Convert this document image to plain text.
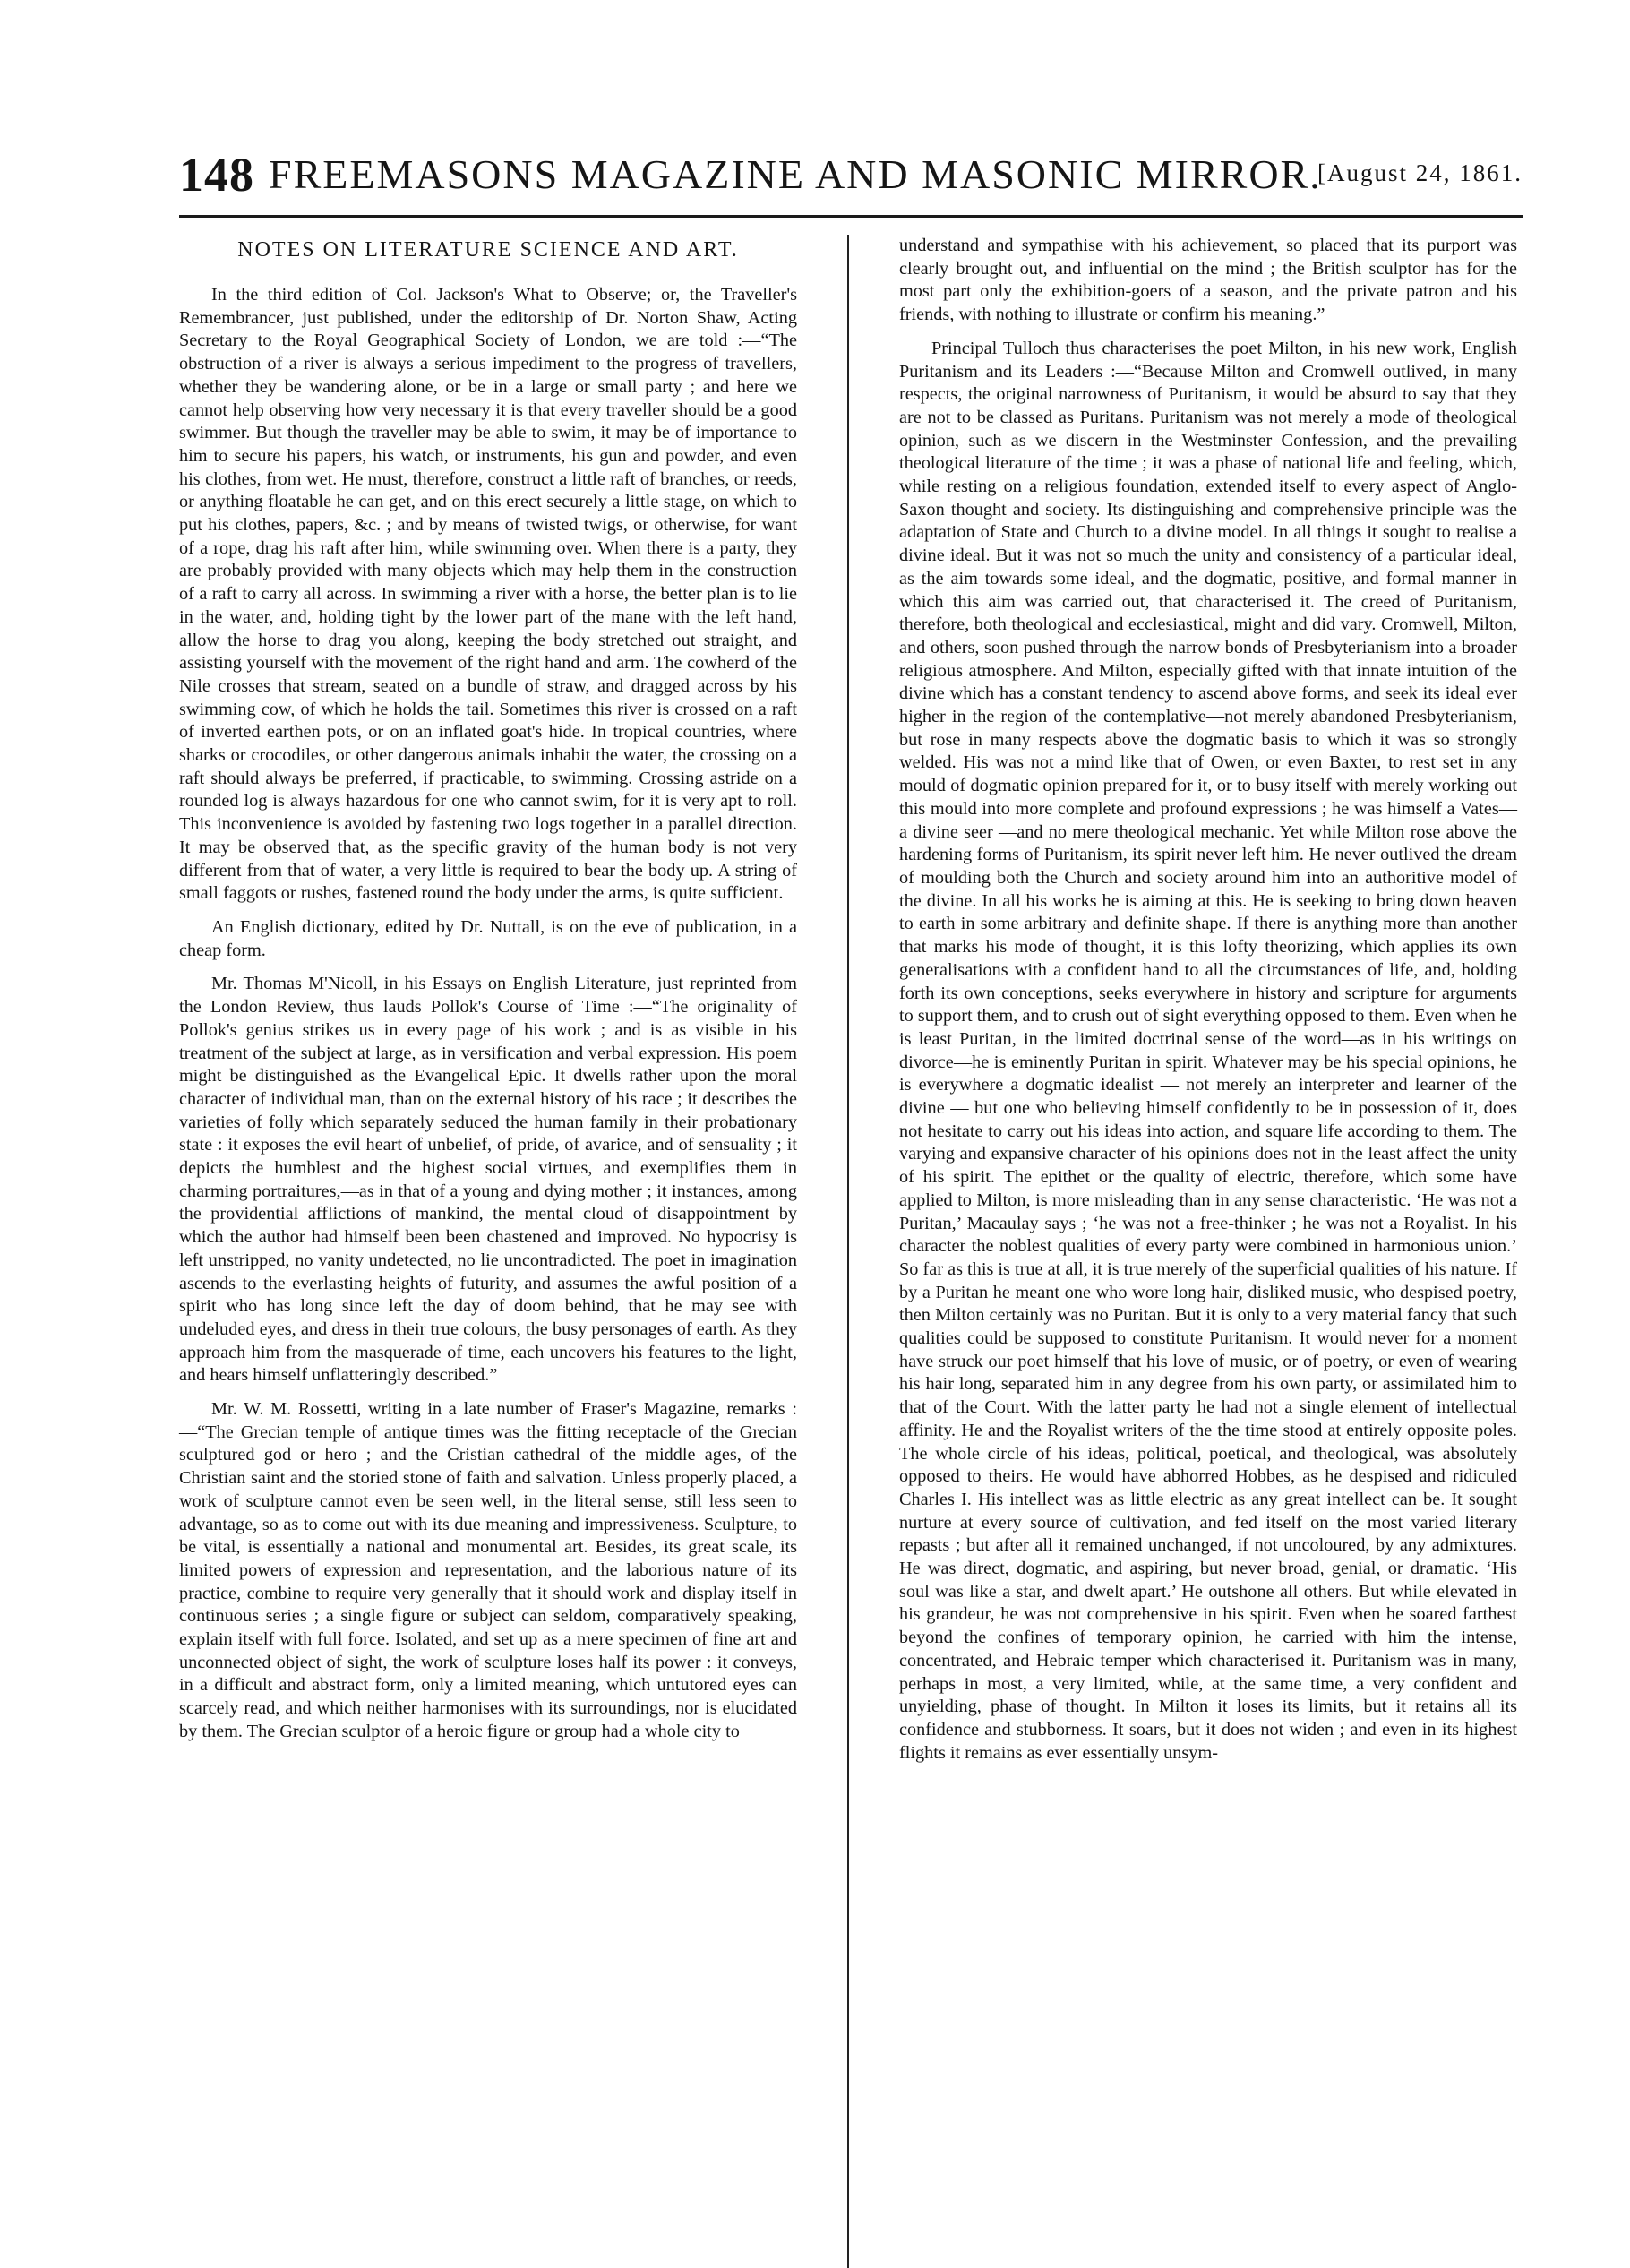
148 FREEMASONS MAGAZINE AND MASONIC MIRROR.
[August 24, 1861.
NOTES ON LITERATURE SCIENCE AND ART.

In the third edition of Col. Jackson's What to Observe; or, the Traveller's Remembrancer, just published, under the editorship of Dr. Norton Shaw, Acting Secretary to the Royal Geographical Society of London, we are told :—“The obstruction of a river is always a serious impediment to the progress of travellers, whether they be wandering alone, or be in a large or small party ; and here we cannot help observing how very necessary it is that every traveller should be a good swimmer. But though the traveller may be able to swim, it may be of importance to him to secure his papers, his watch, or instruments, his gun and powder, and even his clothes, from wet. He must, therefore, construct a little raft of branches, or reeds, or anything floatable he can get, and on this erect securely a little stage, on which to put his clothes, papers, &c. ; and by means of twisted twigs, or otherwise, for want of a rope, drag his raft after him, while swimming over. When there is a party, they are probably provided with many objects which may help them in the construction of a raft to carry all across. In swimming a river with a horse, the better plan is to lie in the water, and, holding tight by the lower part of the mane with the left hand, allow the horse to drag you along, keeping the body stretched out straight, and assisting yourself with the movement of the right hand and arm. The cowherd of the Nile crosses that stream, seated on a bundle of straw, and dragged across by his swimming cow, of which he holds the tail. Sometimes this river is crossed on a raft of inverted earthen pots, or on an inflated goat's hide. In tropical countries, where sharks or crocodiles, or other dangerous animals inhabit the water, the crossing on a raft should always be preferred, if practicable, to swimming. Crossing astride on a rounded log is always hazardous for one who cannot swim, for it is very apt to roll. This inconvenience is avoided by fastening two logs together in a parallel direction. It may be observed that, as the specific gravity of the human body is not very different from that of water, a very little is required to bear the body up. A string of small faggots or rushes, fastened round the body under the arms, is quite sufficient.

An English dictionary, edited by Dr. Nuttall, is on the eve of publication, in a cheap form.

Mr. Thomas M'Nicoll, in his Essays on English Literature, just reprinted from the London Review, thus lauds Pollok's Course of Time :—“The originality of Pollok's genius strikes us in every page of his work ; and is as visible in his treatment of the subject at large, as in versification and verbal expression. His poem might be distinguished as the Evangelical Epic. It dwells rather upon the moral character of individual man, than on the external history of his race ; it describes the varieties of folly which separately seduced the human family in their probationary state : it exposes the evil heart of unbelief, of pride, of avarice, and of sensuality ; it depicts the humblest and the highest social virtues, and exemplifies them in charming portraitures,—as in that of a young and dying mother ; it instances, among the providential afflictions of mankind, the mental cloud of disappointment by which the author had himself been been chastened and improved. No hypocrisy is left unstripped, no vanity undetected, no lie uncontradicted. The poet in imagination ascends to the everlasting heights of futurity, and assumes the awful position of a spirit who has long since left the day of doom behind, that he may see with undeluded eyes, and dress in their true colours, the busy personages of earth. As they approach him from the masquerade of time, each uncovers his features to the light, and hears himself unflatteringly described.”

Mr. W. M. Rossetti, writing in a late number of Fraser's Magazine, remarks :—“The Grecian temple of antique times was the fitting receptacle of the Grecian sculptured god or hero ; and the Cristian cathedral of the middle ages, of the Christian saint and the storied stone of faith and salvation. Unless properly placed, a work of sculpture cannot even be seen well, in the literal sense, still less seen to advantage, so as to come out with its due meaning and impressiveness. Sculpture, to be vital, is essentially a national and monumental art. Besides, its great scale, its limited powers of expression and representation, and the laborious nature of its practice, combine to require very generally that it should work and display itself in continuous series ; a single figure or subject can seldom, comparatively speaking, explain itself with full force. Isolated, and set up as a mere specimen of fine art and unconnected object of sight, the work of sculpture loses half its power : it conveys, in a difficult and abstract form, only a limited meaning, which untutored eyes can scarcely read, and which neither harmonises with its surroundings, nor is elucidated by them. The Grecian sculptor of a heroic figure or group had a whole city to

understand and sympathise with his achievement, so placed that its purport was clearly brought out, and influential on the mind ; the British sculptor has for the most part only the exhibition-goers of a season, and the private patron and his friends, with nothing to illustrate or confirm his meaning.”

Principal Tulloch thus characterises the poet Milton, in his new work, English Puritanism and its Leaders :—“Because Milton and Cromwell outlived, in many respects, the original narrowness of Puritanism, it would be absurd to say that they are not to be classed as Puritans. Puritanism was not merely a mode of theological opinion, such as we discern in the Westminster Confession, and the prevailing theological literature of the time ; it was a phase of national life and feeling, which, while resting on a religious foundation, extended itself to every aspect of Anglo-Saxon thought and society. Its distinguishing and comprehensive principle was the adaptation of State and Church to a divine model. In all things it sought to realise a divine ideal. But it was not so much the unity and consistency of a particular ideal, as the aim towards some ideal, and the dogmatic, positive, and formal manner in which this aim was carried out, that characterised it. The creed of Puritanism, therefore, both theological and ecclesiastical, might and did vary. Cromwell, Milton, and others, soon pushed through the narrow bonds of Presbyterianism into a broader religious atmosphere. And Milton, especially gifted with that innate intuition of the divine which has a constant tendency to ascend above forms, and seek its ideal ever higher in the region of the contemplative—not merely abandoned Presbyterianism, but rose in many respects above the dogmatic basis to which it was so strongly welded. His was not a mind like that of Owen, or even Baxter, to rest set in any mould of dogmatic opinion prepared for it, or to busy itself with merely working out this mould into more complete and profound expressions ; he was himself a Vates—a divine seer —and no mere theological mechanic. Yet while Milton rose above the hardening forms of Puritanism, its spirit never left him. He never outlived the dream of moulding both the Church and society around him into an authoritive model of the divine. In all his works he is aiming at this. He is seeking to bring down heaven to earth in some arbitrary and definite shape. If there is anything more than another that marks his mode of thought, it is this lofty theorizing, which applies its own generalisations with a confident hand to all the circumstances of life, and, holding forth its own conceptions, seeks everywhere in history and scripture for arguments to support them, and to crush out of sight everything opposed to them. Even when he is least Puritan, in the limited doctrinal sense of the word—as in his writings on divorce—he is eminently Puritan in spirit. Whatever may be his special opinions, he is everywhere a dogmatic idealist — not merely an interpreter and learner of the divine — but one who believing himself confidently to be in possession of it, does not hesitate to carry out his ideas into action, and square life according to them. The varying and expansive character of his opinions does not in the least affect the unity of his spirit. The epithet or the quality of electric, therefore, which some have applied to Milton, is more misleading than in any sense characteristic. ‘He was not a Puritan,’ Macaulay says ; ‘he was not a free-thinker ; he was not a Royalist. In his character the noblest qualities of every party were combined in harmonious union.’ So far as this is true at all, it is true merely of the superficial qualities of his nature. If by a Puritan he meant one who wore long hair, disliked music, who despised poetry, then Milton certainly was no Puritan. But it is only to a very material fancy that such qualities could be supposed to constitute Puritanism. It would never for a moment have struck our poet himself that his love of music, or of poetry, or even of wearing his hair long, separated him in any degree from his own party, or assimilated him to that of the Court. With the latter party he had not a single element of intellectual affinity. He and the Royalist writers of the the time stood at entirely opposite poles. The whole circle of his ideas, political, poetical, and theological, was absolutely opposed to theirs. He would have abhorred Hobbes, as he despised and ridiculed Charles I. His intellect was as little electric as any great intellect can be. It sought nurture at every source of cultivation, and fed itself on the most varied literary repasts ; but after all it remained unchanged, if not uncoloured, by any admixtures. He was direct, dogmatic, and aspiring, but never broad, genial, or dramatic. ‘His soul was like a star, and dwelt apart.’ He outshone all others. But while elevated in his grandeur, he was not comprehensive in his spirit. Even when he soared farthest beyond the confines of temporary opinion, he carried with him the intense, concentrated, and Hebraic temper which characterised it. Puritanism was in many, perhaps in most, a very limited, while, at the same time, a very confident and unyielding, phase of thought. In Milton it loses its limits, but it retains all its confidence and stubborness. It soars, but it does not widen ; and even in its highest flights it remains as ever essentially unsym-
